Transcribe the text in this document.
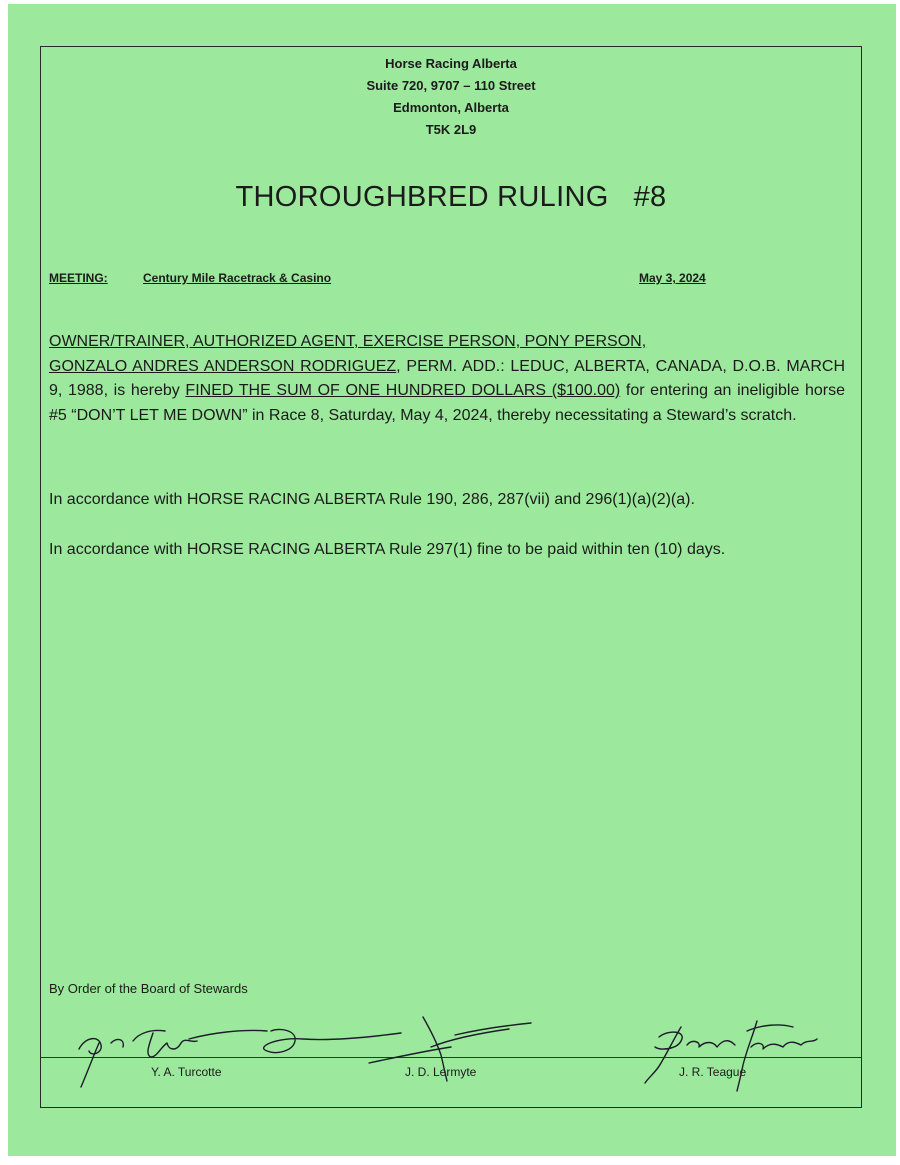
Horse Racing Alberta
Suite 720, 9707 – 110 Street
Edmonton, Alberta
T5K 2L9
THOROUGHBRED RULING   #8
MEETING:	Century Mile Racetrack & Casino	May 3, 2024
OWNER/TRAINER, AUTHORIZED AGENT, EXERCISE PERSON, PONY PERSON,
GONZALO ANDRES ANDERSON RODRIGUEZ, PERM. ADD.: LEDUC, ALBERTA, CANADA, D.O.B. MARCH 9, 1988, is hereby FINED THE SUM OF ONE HUNDRED DOLLARS ($100.00) for entering an ineligible horse #5 “DON’T LET ME DOWN” in Race 8, Saturday, May 4, 2024, thereby necessitating a Steward’s scratch.
In accordance with HORSE RACING ALBERTA Rule 190, 286, 287(vii) and 296(1)(a)(2)(a).
In accordance with HORSE RACING ALBERTA Rule 297(1) fine to be paid within ten (10) days.
By Order of the Board of Stewards
Y. A. Turcotte	J. D. Lermyte	J. R. Teague
